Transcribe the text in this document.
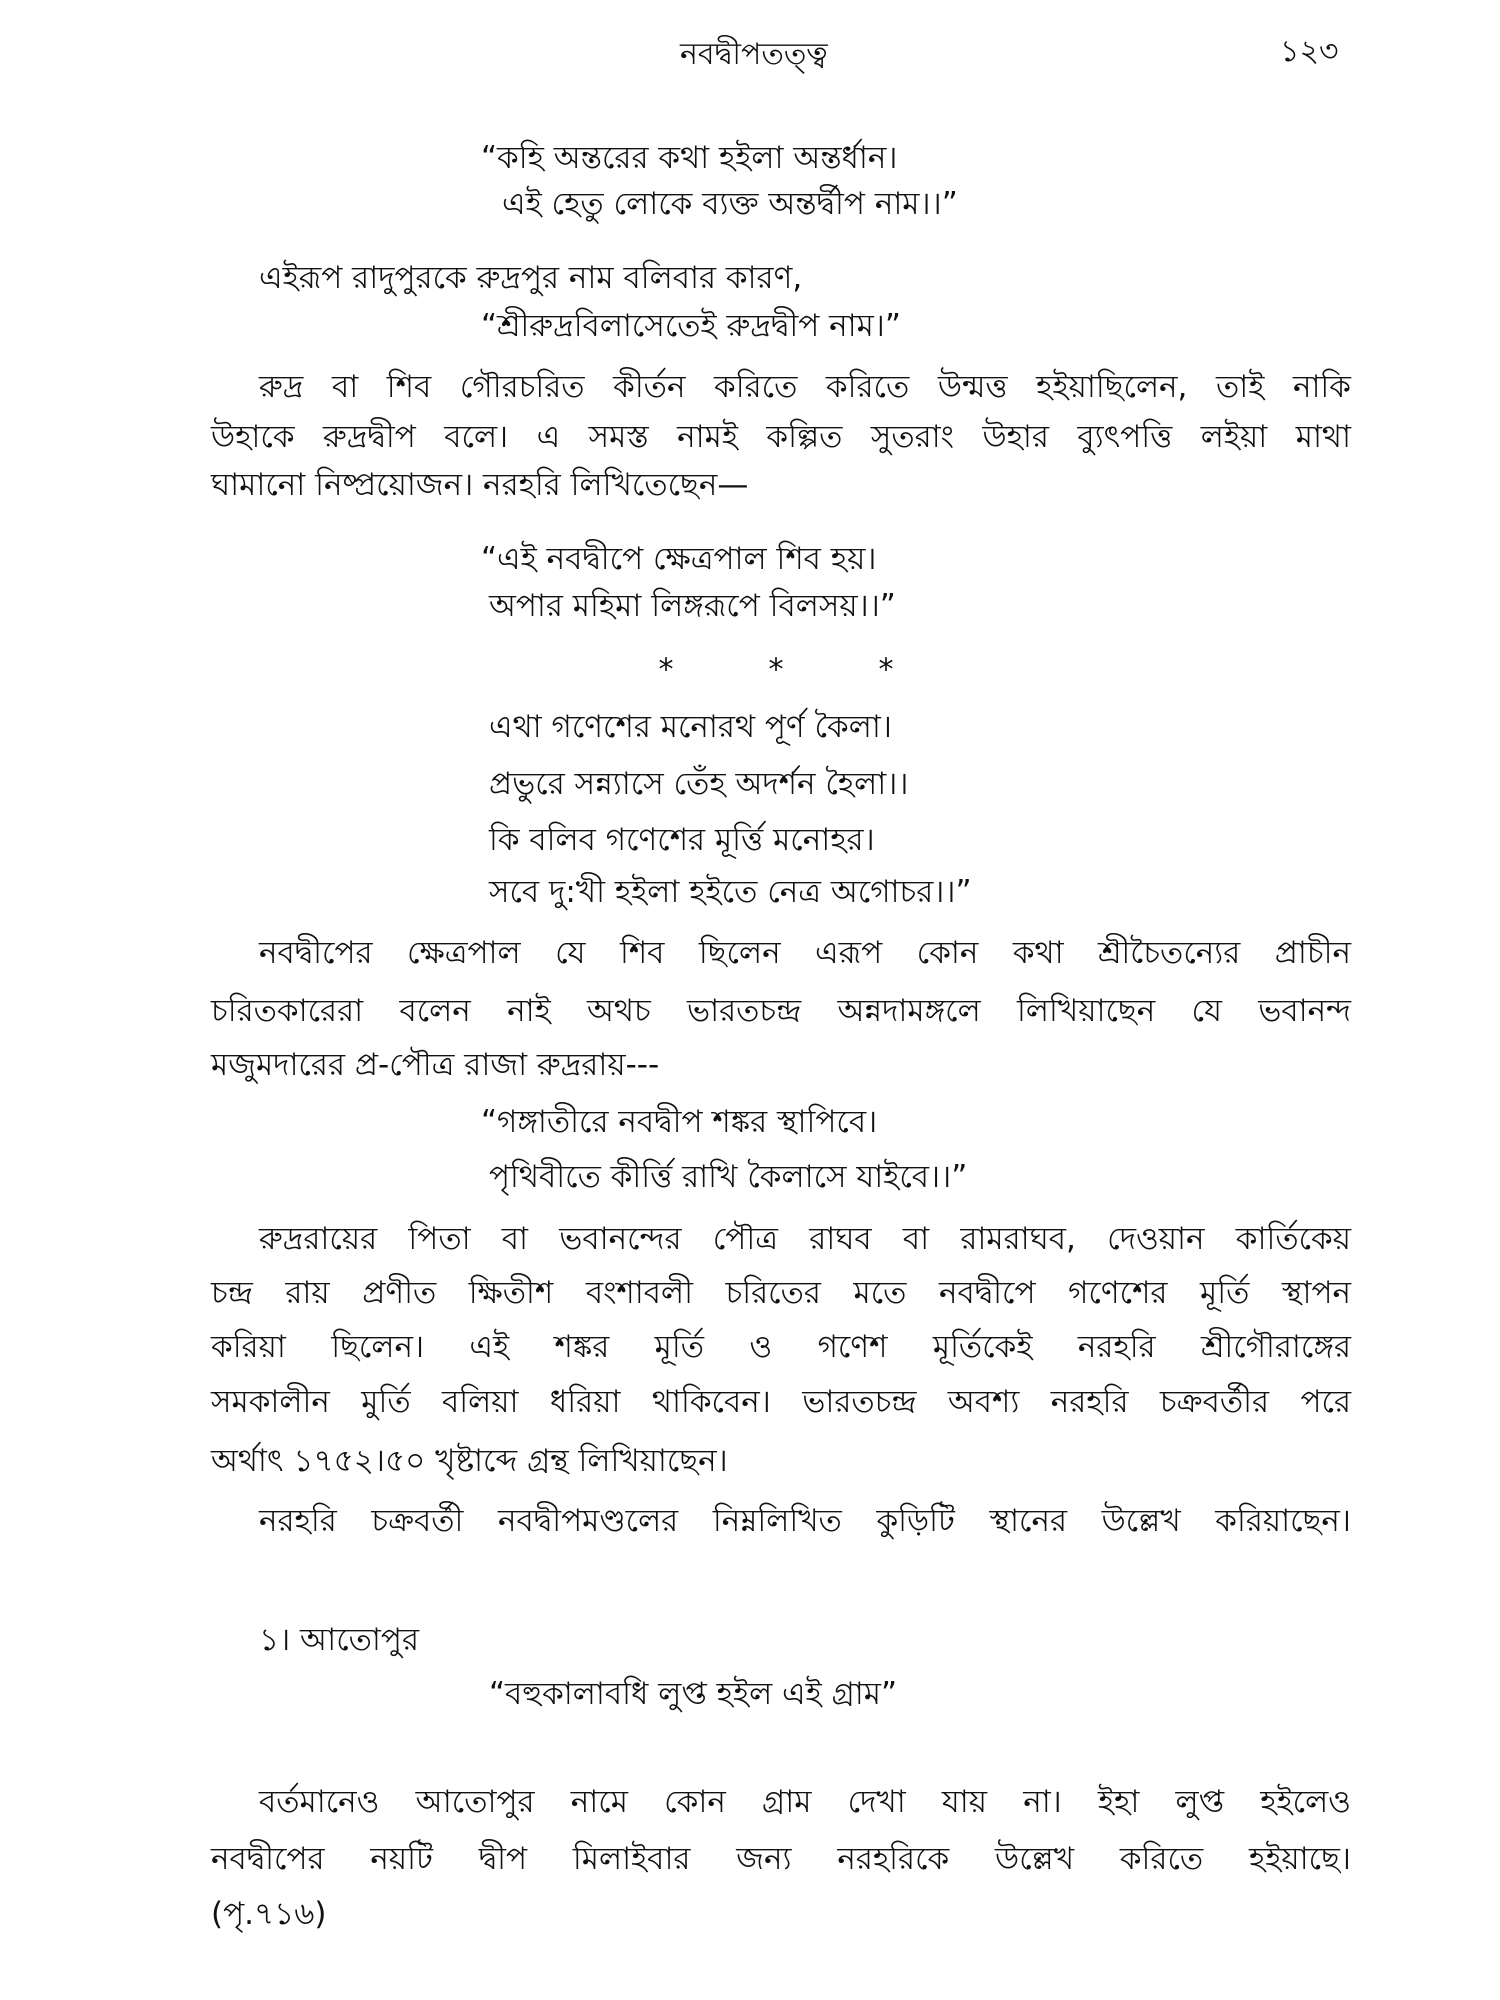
নবদ্বীপতত্ত্ব	১২৩
“কহি অন্তরের কথা হইলা অন্তর্ধান।
এই হেতু লোকে ব্যক্ত অন্তর্দ্বীপ নাম।।”
এইরূপ রাদুপুরকে রুদ্রপুর নাম বলিবার কারণ,
“শ্রীরুদ্রবিলাসেতেই রুদ্রদ্বীপ নাম।”
রুদ্র বা শিব গৌরচরিত কীর্তন করিতে করিতে উন্মত্ত হইয়াছিলেন, তাই নাকি
উহাকে রুদ্রদ্বীপ বলে। এ সমস্ত নামই কল্পিত সুতরাং উহার ব্যুৎপত্তি লইয়া মাথা
ঘামানো নিষ্প্রয়োজন। নরহরি লিখিতেছেন—
“এই নবদ্বীপে ক্ষেত্রপাল শিব হয়।
অপার মহিমা লিঙ্গরূপে বিলসয়।।”
*	*	*
এথা গণেশের মনোরথ পূর্ণ কৈলা।
প্রভুরে সন্ন্যাসে তেঁহ অদর্শন হৈলা।।
কি বলিব গণেশের মূর্ত্তি মনোহর।
সবে দু:খী হইলা হইতে নেত্র অগোচর।।”
নবদ্বীপের ক্ষেত্রপাল যে শিব ছিলেন এরূপ কোন কথা শ্রীচৈতন্যের প্রাচীন
চরিতকারেরা বলেন নাই অথচ ভারতচন্দ্র অন্নদামঙ্গলে লিখিয়াছেন যে ভবানন্দ
মজুমদারের প্র-পৌত্র রাজা রুদ্ররায়---
“গঙ্গাতীরে নবদ্বীপ শঙ্কর স্থাপিবে।
পৃথিবীতে কীর্ত্তি রাখি কৈলাসে যাইবে।।”
রুদ্ররায়ের পিতা বা ভবানন্দের পৌত্র রাঘব বা রামরাঘব, দেওয়ান কার্তিকেয়
চন্দ্র রায় প্রণীত ক্ষিতীশ বংশাবলী চরিতের মতে নবদ্বীপে গণেশের মূর্তি স্থাপন
করিয়া ছিলেন। এই শঙ্কর মূর্তি ও গণেশ মূর্তিকেই নরহরি শ্রীগৌরাঙ্গের
সমকালীন মুর্তি বলিয়া ধরিয়া থাকিবেন। ভারতচন্দ্র অবশ্য নরহরি চক্রবর্তীর পরে
অর্থাৎ ১৭৫২।৫০ খৃষ্টাব্দে গ্রন্থ লিখিয়াছেন।
নরহরি চক্রবর্তী নবদ্বীপমণ্ডলের নিম্নলিখিত কুড়িটি স্থানের উল্লেখ করিয়াছেন।
১। আতোপুর
“বহুকালাবধি লুপ্ত হইল এই গ্রাম”
বর্তমানেও আতোপুর নামে কোন গ্রাম দেখা যায় না। ইহা লুপ্ত হইলেও
নবদ্বীপের নয়টি দ্বীপ মিলাইবার জন্য নরহরিকে উল্লেখ করিতে হইয়াছে।
(পৃ.৭১৬)
